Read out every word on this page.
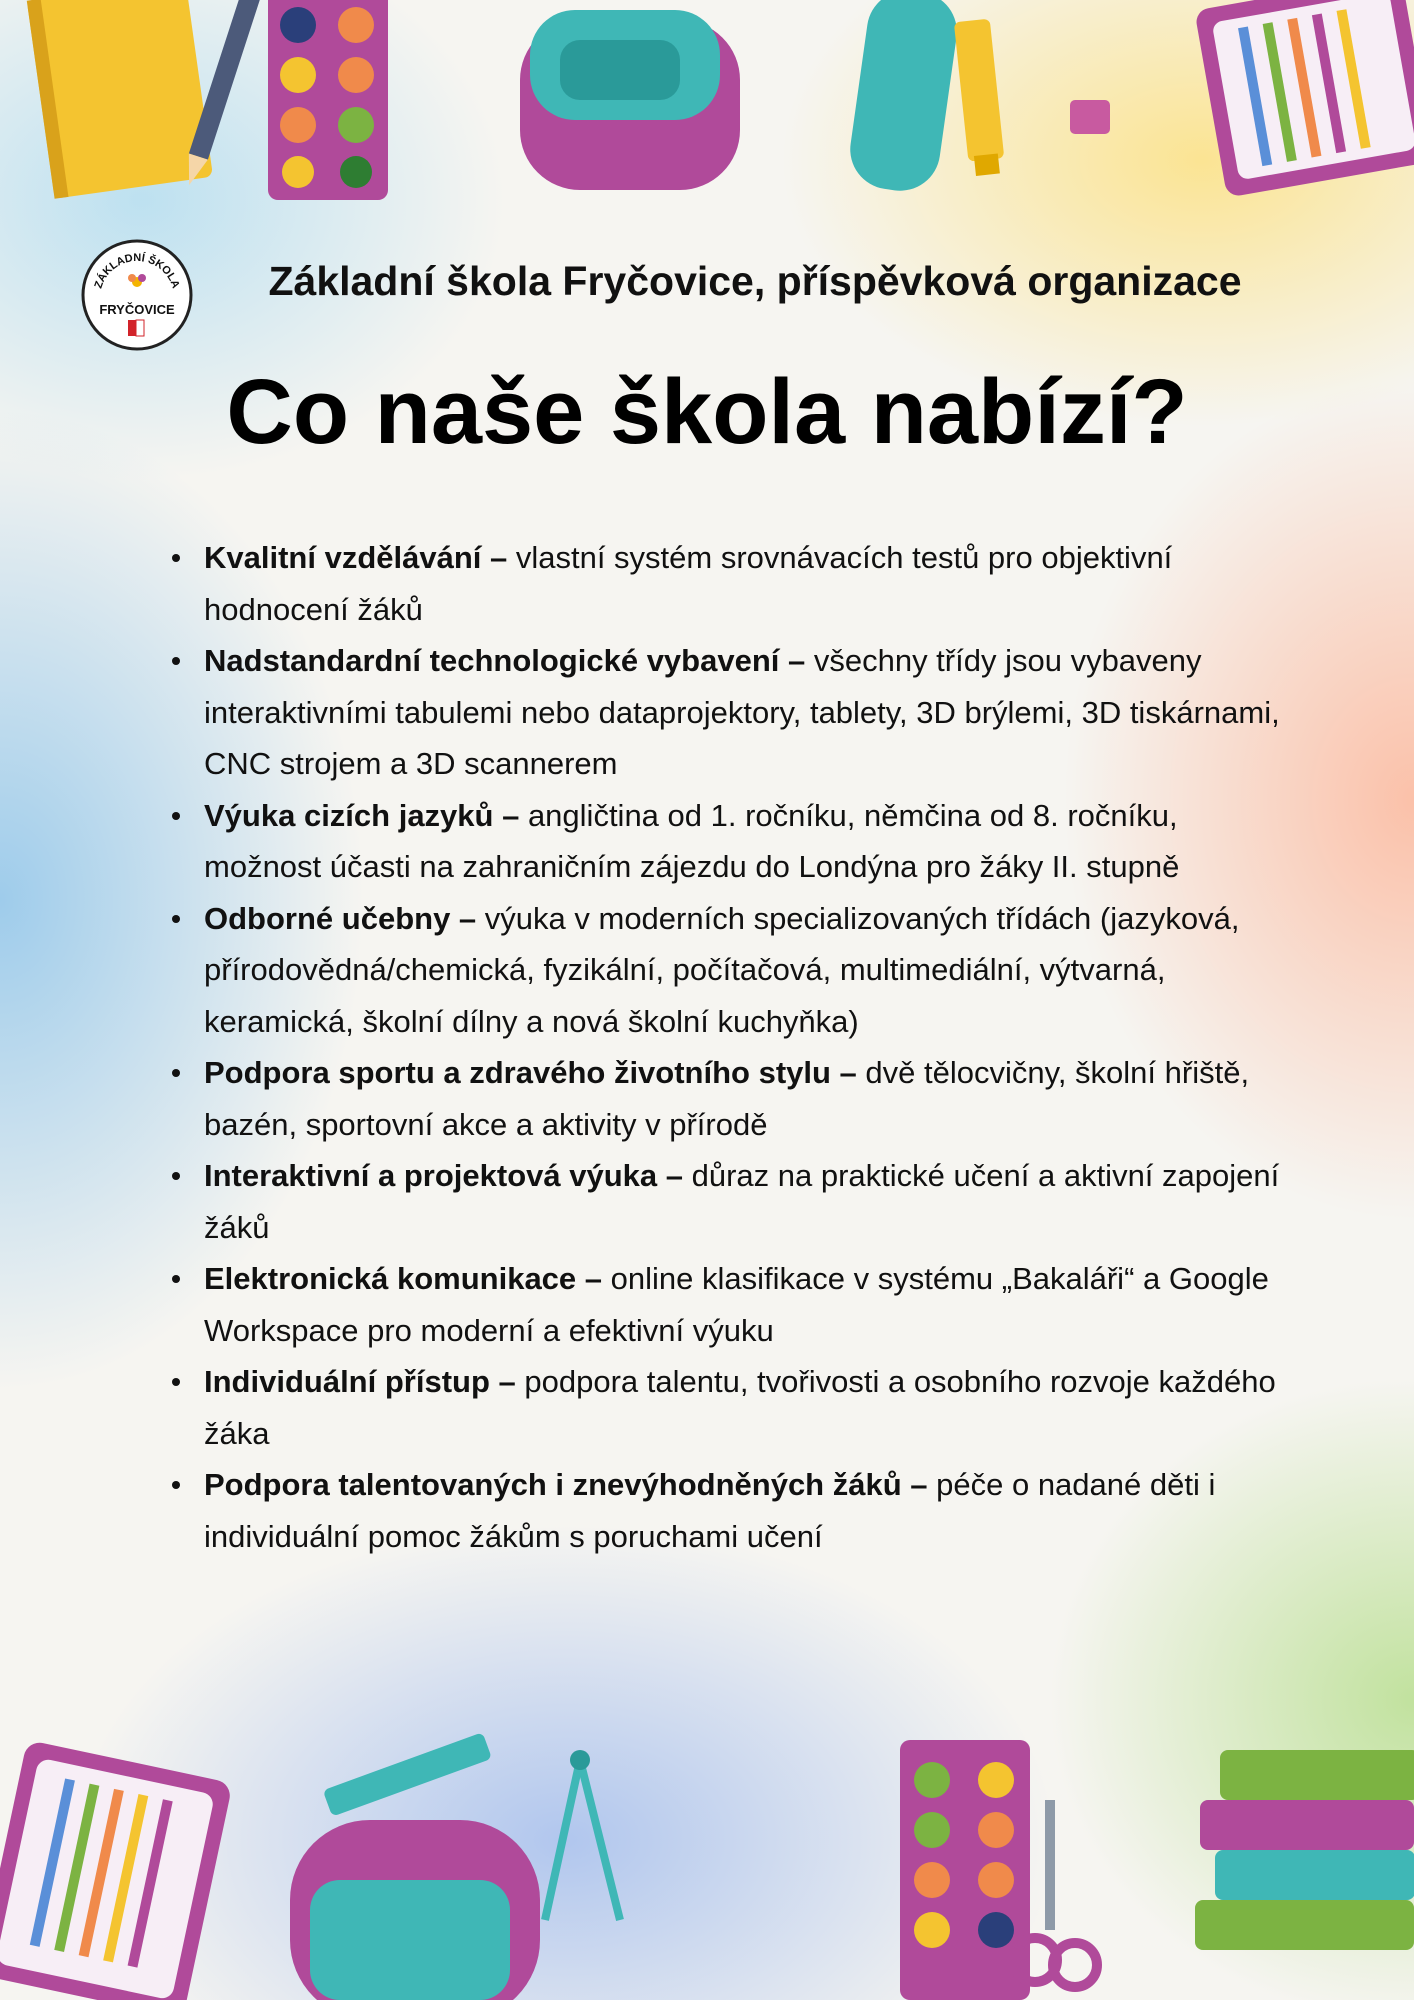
ZÁKLADNÍ ŠKOLA
FRYČOVICE
Základní škola Fryčovice, příspěvková organizace
Co naše škola nabízí?
Kvalitní vzdělávání – vlastní systém srovnávacích testů pro objektivní hodnocení žáků
Nadstandardní technologické vybavení – všechny třídy jsou vybaveny interaktivními tabulemi nebo dataprojektory, tablety, 3D brýlemi, 3D tiskárnami, CNC strojem a 3D scannerem
Výuka cizích jazyků – angličtina od 1. ročníku, němčina od 8. ročníku, možnost účasti na zahraničním zájezdu do Londýna pro žáky II. stupně
Odborné učebny – výuka v moderních specializovaných třídách (jazyková, přírodovědná/chemická, fyzikální, počítačová, multimediální, výtvarná, keramická, školní dílny a nová školní kuchyňka)
Podpora sportu a zdravého životního stylu – dvě tělocvičny, školní hřiště, bazén, sportovní akce a aktivity v přírodě
Interaktivní a projektová výuka – důraz na praktické učení a aktivní zapojení žáků
Elektronická komunikace – online klasifikace v systému „Bakaláři“ a Google Workspace pro moderní a efektivní výuku
Individuální přístup – podpora talentu, tvořivosti a osobního rozvoje každého žáka
Podpora talentovaných i znevýhodněných žáků – péče o nadané děti i individuální pomoc žákům s poruchami učení
